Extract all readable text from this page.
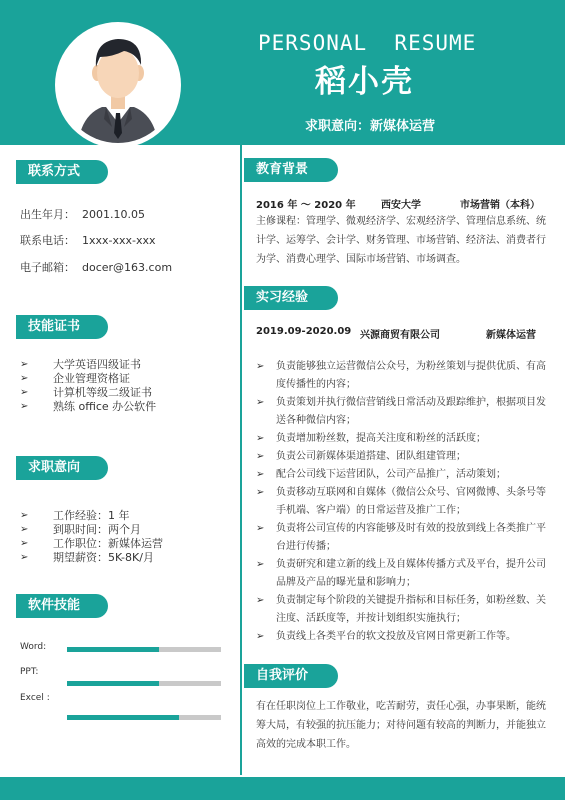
PERSONAL  RESUME
稻小壳
求职意向：新媒体运营
联系方式
出生年月： 2001.10.05
联系电话： 1xxx-xxx-xxx
电子邮箱： docer@163.com
技能证书
➢ 大学英语四级证书
➢ 企业管理资格证
➢ 计算机等级二级证书
➢ 熟练 office 办公软件
求职意向
➢ 工作经验：1 年
➢ 到职时间：两个月
➢ 工作职位：新媒体运营
➢ 期望薪资：5K-8K/月
软件技能
Word:
PPT:
Excel :
教育背景
2016 年 ～ 2020 年	西安大学	市场营销（本科）
主修课程：管理学、微观经济学、宏观经济学、管理信息系统、统计学、运筹学、会计学、财务管理、市场营销、经济法、消费者行为学、消费心理学、国际市场营销、市场调查。
实习经验
2019.09-2020.09 兴源商贸有限公司	新媒体运营
➢ 负责能够独立运营微信公众号，为粉丝策划与提供优质、有高度传播性的内容；
➢ 负责策划并执行微信营销线日常活动及跟踪维护，根据项目发送各种微信内容；
➢ 负责增加粉丝数，提高关注度和粉丝的活跃度；
➢ 负责公司新媒体渠道搭建、团队组建管理；
➢ 配合公司线下运营团队，公司产品推广，活动策划；
➢ 负责移动互联网和自媒体（微信公众号、官网微博、头条号等手机端、客户端）的日常运营及推广工作；
➢ 负责将公司宣传的内容能够及时有效的投放到线上各类推广平台进行传播；
➢ 负责研究和建立新的线上及自媒体传播方式及平台，提升公司品牌及产品的曝光量和影响力；
➢ 负责制定每个阶段的关键提升指标和目标任务，如粉丝数、关注度、活跃度等，并按计划组织实施执行；
➢ 负责线上各类平台的软文投放及官网日常更新工作等。
自我评价
有在任职岗位上工作敬业，吃苦耐劳，责任心强，办事果断，能统筹大局，有较强的抗压能力；对待问题有较高的判断力，并能独立高效的完成本职工作。
